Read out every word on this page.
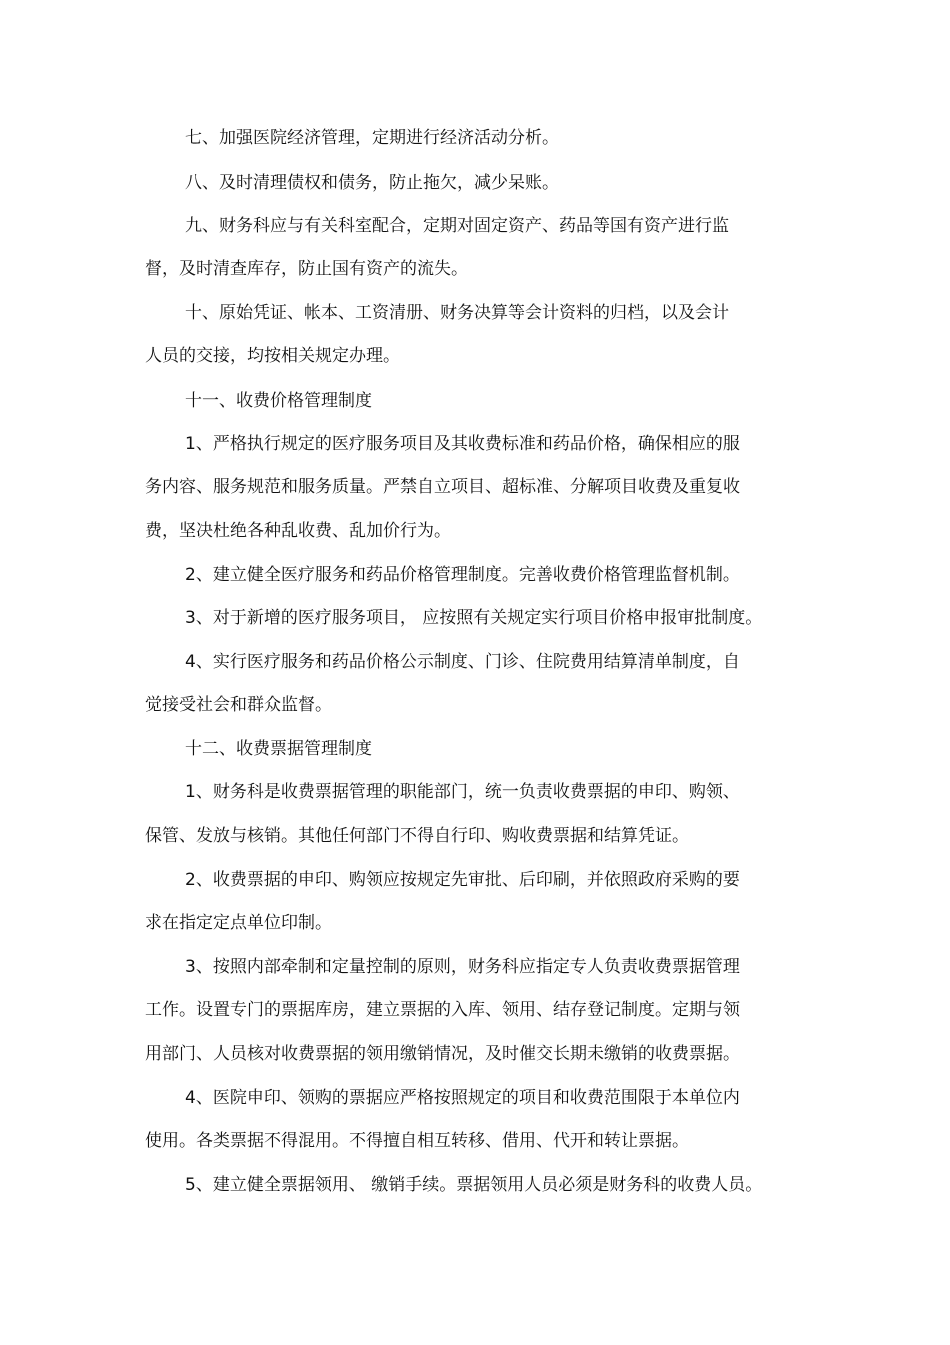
七、加强医院经济管理，定期进行经济活动分析。
八、及时清理债权和债务，防止拖欠，减少呆账。
九、财务科应与有关科室配合，定期对固定资产、药品等国有资产进行监
督，及时清查库存，防止国有资产的流失。
十、原始凭证、帐本、工资清册、财务决算等会计资料的归档，以及会计
人员的交接，均按相关规定办理。
十一、收费价格管理制度
1、严格执行规定的医疗服务项目及其收费标准和药品价格，确保相应的服
务内容、服务规范和服务质量。严禁自立项目、超标准、分解项目收费及重复收
费，坚决杜绝各种乱收费、乱加价行为。
2、建立健全医疗服务和药品价格管理制度。完善收费价格管理监督机制。
3、对于新增的医疗服务项目， 应按照有关规定实行项目价格申报审批制度。
4、实行医疗服务和药品价格公示制度、门诊、住院费用结算清单制度，自
觉接受社会和群众监督。
十二、收费票据管理制度
1、财务科是收费票据管理的职能部门，统一负责收费票据的申印、购领、
保管、发放与核销。其他任何部门不得自行印、购收费票据和结算凭证。
2、收费票据的申印、购领应按规定先审批、后印刷，并依照政府采购的要
求在指定定点单位印制。
3、按照内部牵制和定量控制的原则，财务科应指定专人负责收费票据管理
工作。设置专门的票据库房，建立票据的入库、领用、结存登记制度。定期与领
用部门、人员核对收费票据的领用缴销情况，及时催交长期未缴销的收费票据。
4、医院申印、领购的票据应严格按照规定的项目和收费范围限于本单位内
使用。各类票据不得混用。不得擅自相互转移、借用、代开和转让票据。
5、建立健全票据领用、 缴销手续。票据领用人员必须是财务科的收费人员。
